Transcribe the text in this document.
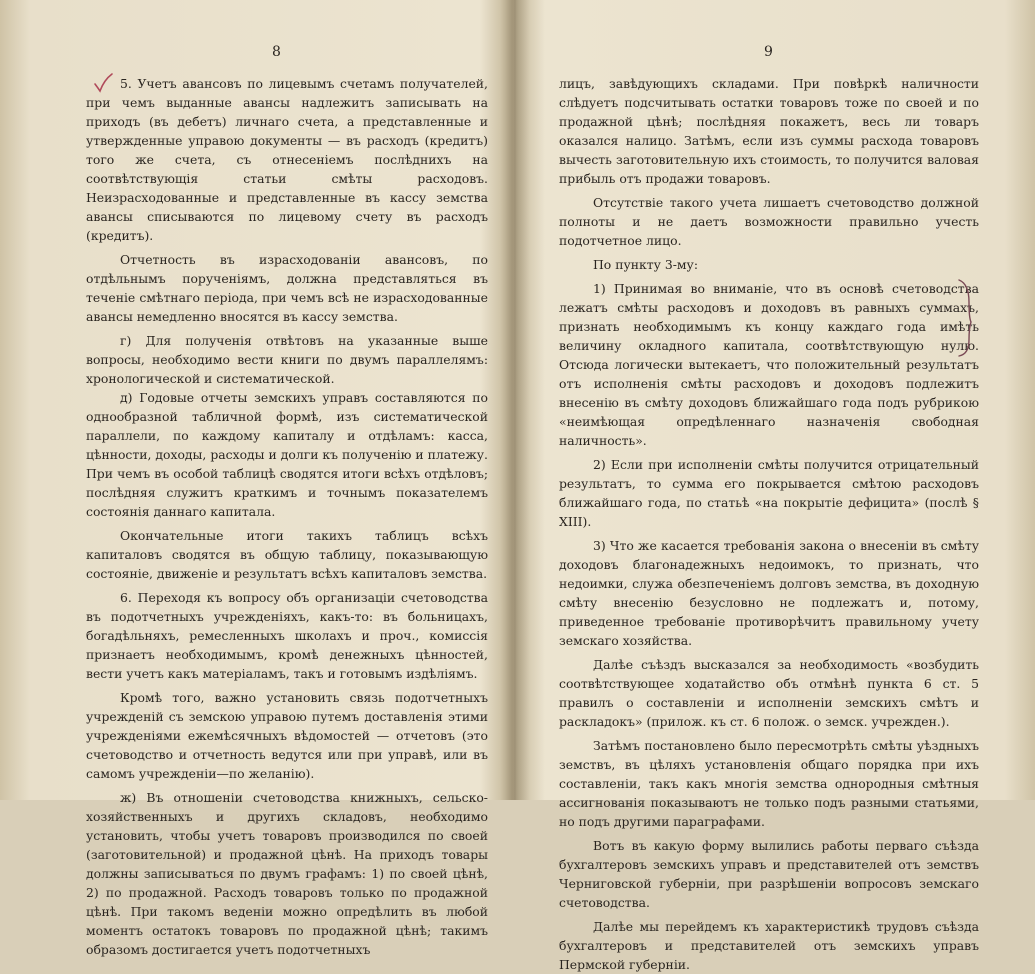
8

5. Учетъ авансовъ по лицевымъ счетамъ получателей, при чемъ выданные авансы надлежитъ записывать на приходъ (въ дебетъ) личнаго счета, а представленные и утвержденные управою документы — въ расходъ (кредитъ) того же счета, съ отнесеніемъ послѣднихъ на соотвѣтствующія статьи смѣты расходовъ. Неизрасходованные и представленные въ кассу земства авансы списываются по лицевому счету въ расходъ (кредитъ).

Отчетность въ израсходованіи авансовъ, по отдѣльнымъ порученіямъ, должна представляться въ теченіе смѣтнаго періода, при чемъ всѣ не израсходованные авансы немедленно вносятся въ кассу земства.

г) Для полученія отвѣтовъ на указанные выше вопросы, необходимо вести книги по двумъ параллелямъ: хронологической и систематической.

д) Годовые отчеты земскихъ управъ составляются по однообразной табличной формѣ, изъ систематической параллели, по каждому капиталу и отдѣламъ: касса, цѣнности, доходы, расходы и долги къ полученію и платежу. При чемъ въ особой таблицѣ сводятся итоги всѣхъ отдѣловъ; послѣдняя служитъ краткимъ и точнымъ показателемъ состоянія даннаго капитала.

Окончательные итоги такихъ таблицъ всѣхъ капиталовъ сводятся въ общую таблицу, показывающую состояніе, движеніе и результатъ всѣхъ капиталовъ земства.

6. Переходя къ вопросу объ организаціи счетоводства въ подотчетныхъ учрежденіяхъ, какъ-то: въ больницахъ, богадѣльняхъ, ремесленныхъ школахъ и проч., комиссія признаетъ необходимымъ, кромѣ денежныхъ цѣнностей, вести учетъ какъ матеріаламъ, такъ и готовымъ издѣліямъ.

Кромѣ того, важно установить связь подотчетныхъ учрежденій съ земскою управою путемъ доставленія этими учрежденіями ежемѣсячныхъ вѣдомостей — отчетовъ (это счетоводство и отчетность ведутся или при управѣ, или въ самомъ учрежденіи—по желанію).

ж) Въ отношеніи счетоводства книжныхъ, сельско-хозяйственныхъ и другихъ складовъ, необходимо установить, чтобы учетъ товаровъ производился по своей (заготовительной) и продажной цѣнѣ. На приходъ товары должны записываться по двумъ графамъ: 1) по своей цѣнѣ, 2) по продажной. Расходъ товаровъ только по продажной цѣнѣ. При такомъ веденіи можно опредѣлить въ любой моментъ остатокъ товаровъ по продажной цѣнѣ; такимъ образомъ достигается учетъ подотчетныхъ

9

лицъ, завѣдующихъ складами. При повѣркѣ наличности слѣдуетъ подсчитывать остатки товаровъ тоже по своей и по продажной цѣнѣ; послѣдняя покажетъ, весь ли товаръ оказался налицо. Затѣмъ, если изъ суммы расхода товаровъ вычесть заготовительную ихъ стоимость, то получится валовая прибыль отъ продажи товаровъ.

Отсутствіе такого учета лишаетъ счетоводство должной полноты и не даетъ возможности правильно учесть подотчетное лицо.

По пункту 3-му:

1) Принимая во вниманіе, что въ основѣ счетоводства лежатъ смѣты расходовъ и доходовъ въ равныхъ суммахъ, признать необходимымъ къ концу каждаго года имѣть величину окладного капитала, соотвѣтствующую нулю. Отсюда логически вытекаетъ, что положительный результатъ отъ исполненія смѣты расходовъ и доходовъ подлежитъ внесенію въ смѣту доходовъ ближайшаго года подъ рубрикою «неимѣющая опредѣленнаго назначенія свободная наличность».

2) Если при исполненіи смѣты получится отрицательный результатъ, то сумма его покрывается смѣтою расходовъ ближайшаго года, по статьѣ «на покрытіе дефицита» (послѣ § XIII).

3) Что же касается требованія закона о внесеніи въ смѣту доходовъ благонадежныхъ недоимокъ, то признать, что недоимки, служа обезпеченіемъ долговъ земства, въ доходную смѣту внесенію безусловно не подлежатъ и, потому, приведенное требованіе противорѣчитъ правильному учету земскаго хозяйства.

Далѣе съѣздъ высказался за необходимость «возбудить соотвѣтствующее ходатайство объ отмѣнѣ пункта 6 ст. 5 правилъ о составленіи и исполненіи земскихъ смѣтъ и раскладокъ» (прилож. къ ст. 6 полож. о земск. учрежден.).

Затѣмъ постановлено было пересмотрѣть смѣты уѣздныхъ земствъ, въ цѣляхъ установленія общаго порядка при ихъ составленіи, такъ какъ многія земства однородныя смѣтныя ассигнованія показываютъ не только подъ разными статьями, но подъ другими параграфами.

Вотъ въ какую форму вылились работы перваго съѣзда бухгалтеровъ земскихъ управъ и представителей отъ земствъ Черниговской губерніи, при разрѣшеніи вопросовъ земскаго счетоводства.

Далѣе мы перейдемъ къ характеристикѣ трудовъ съѣзда бухгалтеровъ и представителей отъ земскихъ управъ Пермской губерніи.
